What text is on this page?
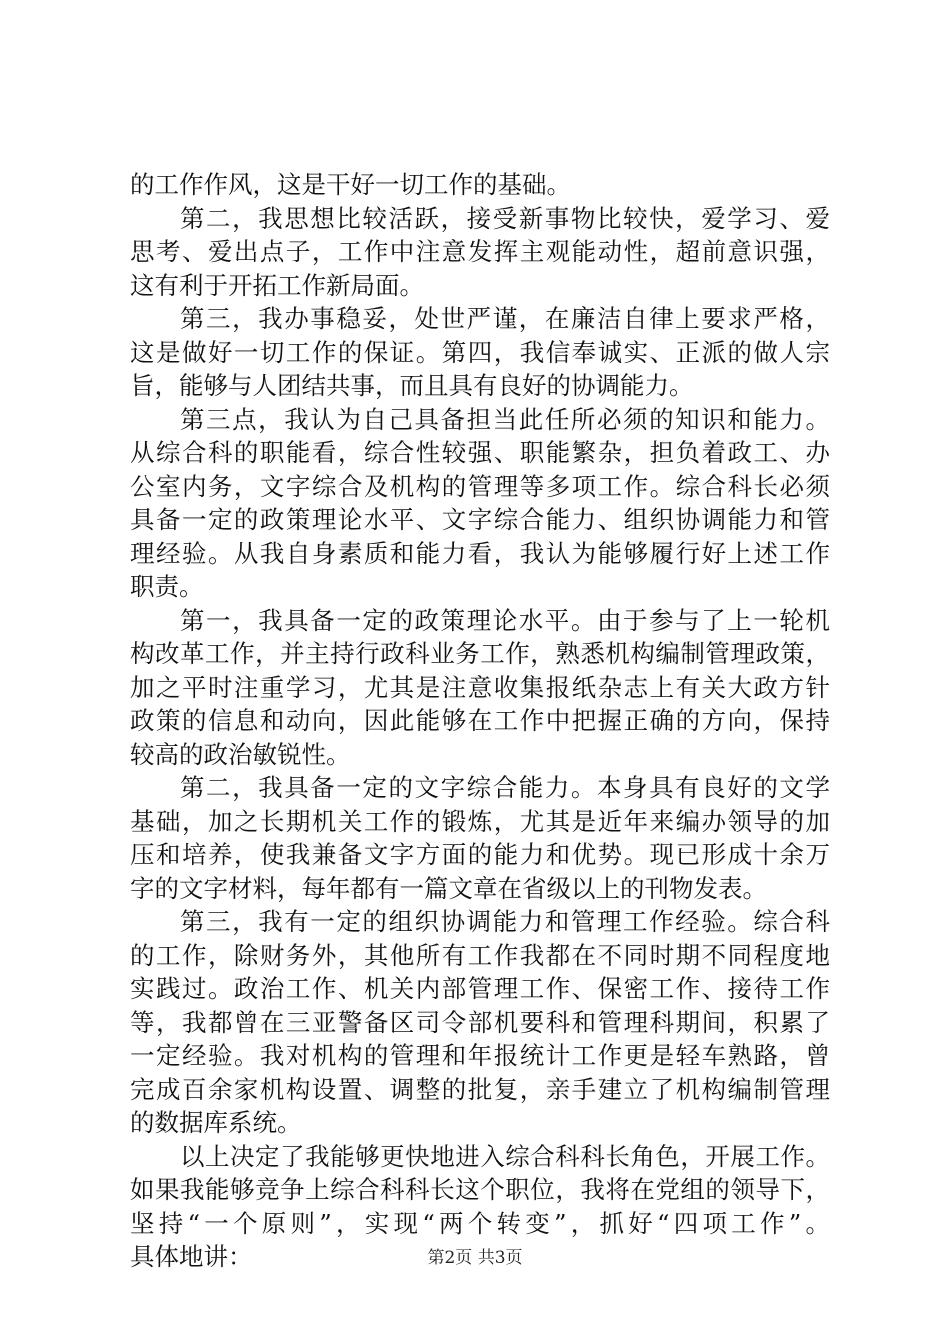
的工作作风，这是干好一切工作的基础。
第二，我思想比较活跃，接受新事物比较快，爱学习、爱
思考、爱出点子，工作中注意发挥主观能动性，超前意识强，
这有利于开拓工作新局面。
第三，我办事稳妥，处世严谨，在廉洁自律上要求严格，
这是做好一切工作的保证。第四，我信奉诚实、正派的做人宗
旨，能够与人团结共事，而且具有良好的协调能力。
第三点，我认为自己具备担当此任所必须的知识和能力。
从综合科的职能看，综合性较强、职能繁杂，担负着政工、办
公室内务，文字综合及机构的管理等多项工作。综合科长必须
具备一定的政策理论水平、文字综合能力、组织协调能力和管
理经验。从我自身素质和能力看，我认为能够履行好上述工作
职责。
第一，我具备一定的政策理论水平。由于参与了上一轮机
构改革工作，并主持行政科业务工作，熟悉机构编制管理政策，
加之平时注重学习，尤其是注意收集报纸杂志上有关大政方针
政策的信息和动向，因此能够在工作中把握正确的方向，保持
较高的政治敏锐性。
第二，我具备一定的文字综合能力。本身具有良好的文学
基础，加之长期机关工作的锻炼，尤其是近年来编办领导的加
压和培养，使我兼备文字方面的能力和优势。现已形成十余万
字的文字材料，每年都有一篇文章在省级以上的刊物发表。
第三，我有一定的组织协调能力和管理工作经验。综合科
的工作，除财务外，其他所有工作我都在不同时期不同程度地
实践过。政治工作、机关内部管理工作、保密工作、接待工作
等，我都曾在三亚警备区司令部机要科和管理科期间，积累了
一定经验。我对机构的管理和年报统计工作更是轻车熟路，曾
完成百余家机构设置、调整的批复，亲手建立了机构编制管理
的数据库系统。
以上决定了我能够更快地进入综合科科长角色，开展工作。
如果我能够竞争上综合科科长这个职位，我将在党组的领导下，
坚持“一个原则”，实现“两个转变”，抓好“四项工作”。
具体地讲：	第2页 共3页
